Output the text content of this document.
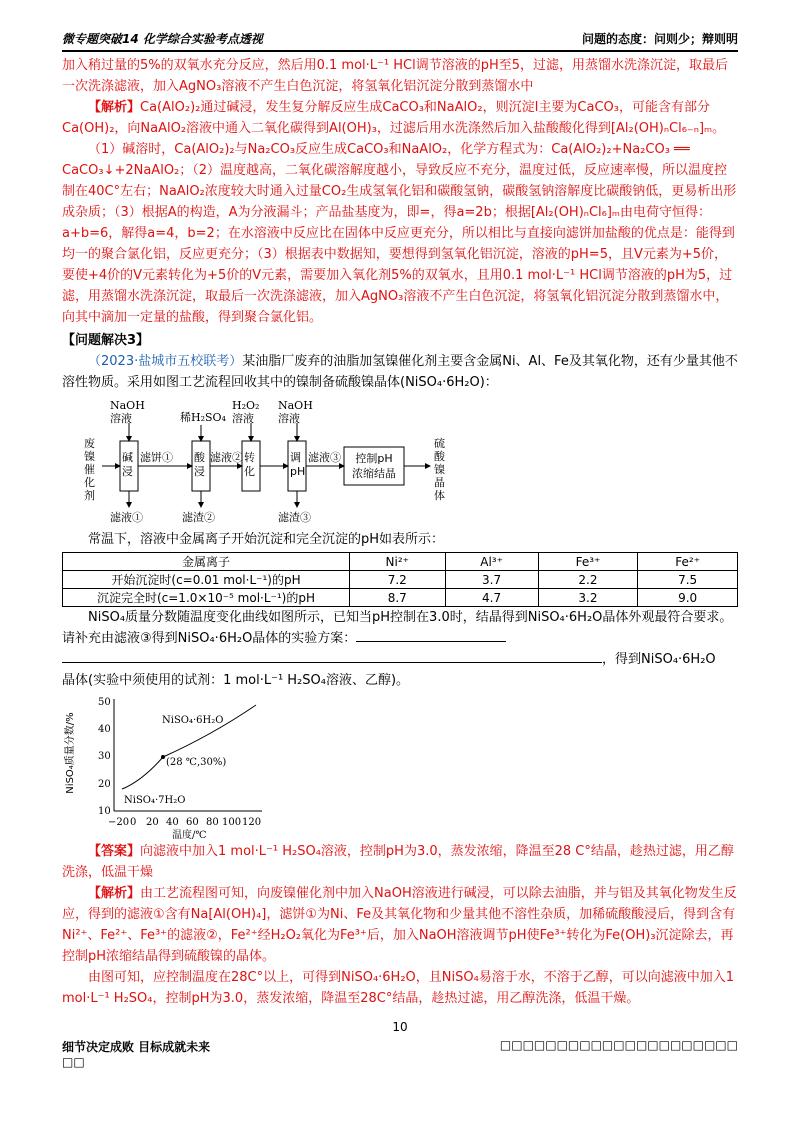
微专题突破14 化学综合实验考点透视	问题的态度：问则少；辩则明

加入稍过量的5%的双氧水充分反应，然后用0.1 mol·L⁻¹ HCl调节溶液的pH至5，过滤，用蒸馏水洗涤沉淀，取最后一次洗涤滤液，加入AgNO₃溶液不产生白色沉淀，将氢氧化铝沉淀分散到蒸馏水中

【解析】Ca(AlO₂)₂通过碱浸，发生复分解反应生成CaCO₃和NaAlO₂，则沉淀Ⅰ主要为CaCO₃，可能含有部分Ca(OH)₂，向NaAlO₂溶液中通入二氧化碳得到Al(OH)₃，过滤后用水洗涤然后加入盐酸酸化得到[Al₂(OH)ₙCl₆₋ₙ]ₘ。

（1）碱溶时，Ca(AlO₂)₂与Na₂CO₃反应生成CaCO₃和NaAlO₂，化学方程式为：Ca(AlO₂)₂+Na₂CO₃ ══ CaCO₃↓+2NaAlO₂；（2）温度越高，二氧化碳溶解度越小，导致反应不充分，温度过低，反应速率慢，所以温度控制在40C°左右；NaAlO₂浓度较大时通入过量CO₂生成氢氧化铝和碳酸氢钠，碳酸氢钠溶解度比碳酸钠低，更易析出形成杂质；（3）根据A的构造，A为分液漏斗；产品盐基度为，即=，得a=2b；根据[Al₂(OH)ₙCl₆]ₘ由电荷守恒得：a+b=6，解得a=4，b=2；在水溶液中反应比在固体中反应更充分，所以相比与直接向滤饼加盐酸的优点是：能得到均一的聚合氯化铝，反应更充分；（3）根据表中数据知，要想得到氢氧化铝沉淀，溶液的pH=5，且V元素为+5价，要使+4价的V元素转化为+5价的V元素，需要加入氧化剂5%的双氧水，且用0.1 mol·L⁻¹ HCl调节溶液的pH为5，过滤，用蒸馏水洗涤沉淀，取最后一次洗涤滤液，加入AgNO₃溶液不产生白色沉淀，将氢氧化铝沉淀分散到蒸馏水中，向其中滴加一定量的盐酸，得到聚合氯化铝。

【问题解决3】

（2023·盐城市五校联考）某油脂厂废弃的油脂加氢镍催化剂主要含金属Ni、Al、Fe及其氧化物，还有少量其他不溶性物质。采用如图工艺流程回收其中的镍制备硫酸镍晶体(NiSO₄·6H₂O)：

NaOH 溶液	稀H₂SO₄
H₂O₂ 溶液
NaOH 溶液
滤饼①	滤液②	滤液③
滤液①	滤渣②	滤渣③
废镍催化剂
碱浸
酸浸
转化
调pH
控制pH
浓缩结晶
硫酸镍晶体

常温下，溶液中金属离子开始沉淀和完全沉淀的pH如表所示：

金属离子	Ni²⁺	Al³⁺	Fe³⁺	Fe²⁺
开始沉淀时(c=0.01 mol·L⁻¹)的pH	7.2	3.7	2.2	7.5
沉淀完全时(c=1.0×10⁻⁵ mol·L⁻¹)的pH	8.7	4.7	3.2	9.0

NiSO₄质量分数随温度变化曲线如图所示，已知当pH控制在3.0时，结晶得到NiSO₄·6H₂O晶体外观最符合要求。请补充由滤液③得到NiSO₄·6H₂O晶体的实验方案：

，得到NiSO₄·6H₂O

晶体(实验中须使用的试剂：1 mol·L⁻¹ H₂SO₄溶液、乙醇)。

50
40
30
20
10
−20 0 20 40 60 80 100 120
温度/℃
(28 ℃,30%)
NiSO₄·6H₂O
NiSO₄·7H₂O
NiSO₄质量分数/%

【答案】向滤液中加入1 mol·L⁻¹ H₂SO₄溶液，控制pH为3.0，蒸发浓缩，降温至28 C°结晶，趁热过滤，用乙醇洗涤，低温干燥

【解析】由工艺流程图可知，向废镍催化剂中加入NaOH溶液进行碱浸，可以除去油脂，并与铝及其氧化物发生反应，得到的滤液①含有Na[Al(OH)₄]，滤饼①为Ni、Fe及其氧化物和少量其他不溶性杂质，加稀硫酸酸浸后，得到含有Ni²⁺、Fe²⁺、Fe³⁺的滤液②，Fe²⁺经H₂O₂氧化为Fe³⁺后，加入NaOH溶液调节pH使Fe³⁺转化为Fe(OH)₃沉淀除去，再控制pH浓缩结晶得到硫酸镍的晶体。

由图可知，应控制温度在28C°以上，可得到NiSO₄·6H₂O，且NiSO₄易溶于水，不溶于乙醇，可以向滤液中加入1 mol·L⁻¹ H₂SO₄，控制pH为3.0，蒸发浓缩，降温至28C°结晶，趁热过滤，用乙醇洗涤，低温干燥。

10
细节决定成败 目标成就未来
□□
□□□□□□□□□□□□□□□□□□□□□
